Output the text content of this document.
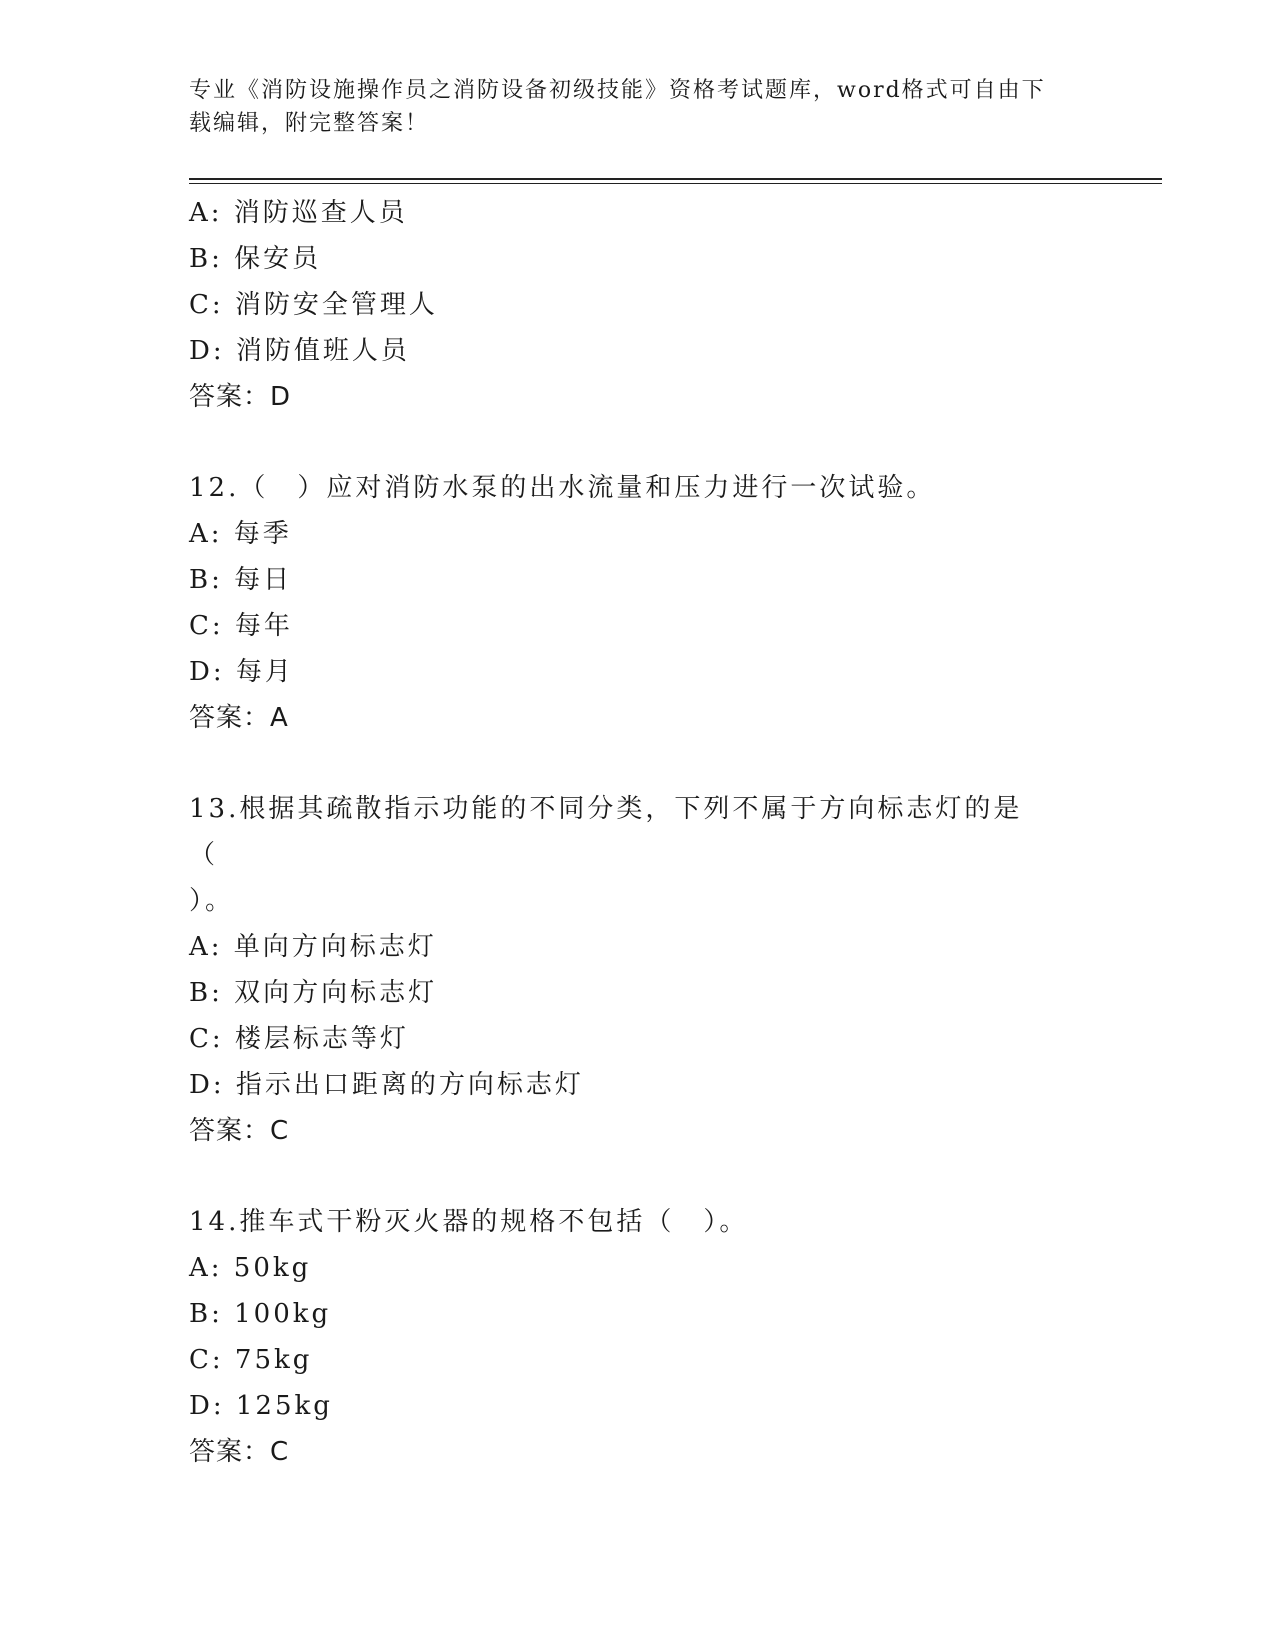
专业《消防设施操作员之消防设备初级技能》资格考试题库，word格式可自由下
载编辑，附完整答案！
A: 消防巡查人员
B: 保安员
C: 消防安全管理人
D: 消防值班人员
答案：D
12.（　）应对消防水泵的出水流量和压力进行一次试验。
A: 每季
B: 每日
C: 每年
D: 每月
答案：A
13.根据其疏散指示功能的不同分类，下列不属于方向标志灯的是（
）。
A: 单向方向标志灯
B: 双向方向标志灯
C: 楼层标志等灯
D: 指示出口距离的方向标志灯
答案：C
14.推车式干粉灭火器的规格不包括（　）。
A: 50kg
B: 100kg
C: 75kg
D: 125kg
答案：C
